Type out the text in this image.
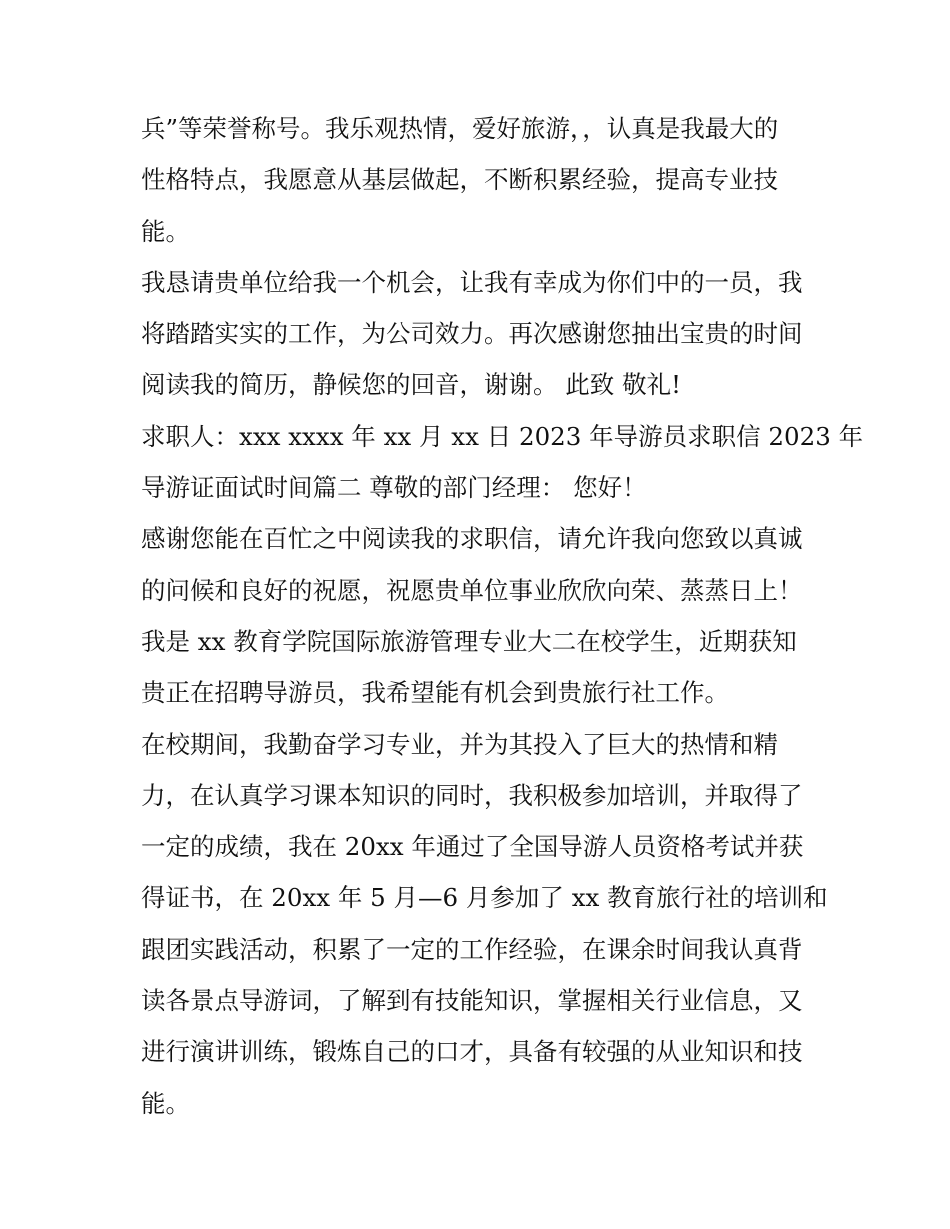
兵”等荣誉称号。我乐观热情，爱好旅游，，认真是我最大的
性格特点，我愿意从基层做起，不断积累经验，提高专业技
能。
我恳请贵单位给我一个机会，让我有幸成为你们中的一员，我
将踏踏实实的工作，为公司效力。再次感谢您抽出宝贵的时间
阅读我的简历，静候您的回音，谢谢。 此致 敬礼!
求职人：xxx xxxx 年 xx 月 xx 日 2023 年导游员求职信 2023 年
导游证面试时间篇二 尊敬的部门经理： 您好！
感谢您能在百忙之中阅读我的求职信，请允许我向您致以真诚
的问候和良好的祝愿，祝愿贵单位事业欣欣向荣、蒸蒸日上！
我是 xx 教育学院国际旅游管理专业大二在校学生，近期获知
贵正在招聘导游员，我希望能有机会到贵旅行社工作。
在校期间，我勤奋学习专业，并为其投入了巨大的热情和精
力，在认真学习课本知识的同时，我积极参加培训，并取得了
一定的成绩，我在 20xx 年通过了全国导游人员资格考试并获
得证书，在 20xx 年 5 月—6 月参加了 xx 教育旅行社的培训和
跟团实践活动，积累了一定的工作经验，在课余时间我认真背
读各景点导游词，了解到有技能知识，掌握相关行业信息，又
进行演讲训练，锻炼自己的口才，具备有较强的从业知识和技
能。
